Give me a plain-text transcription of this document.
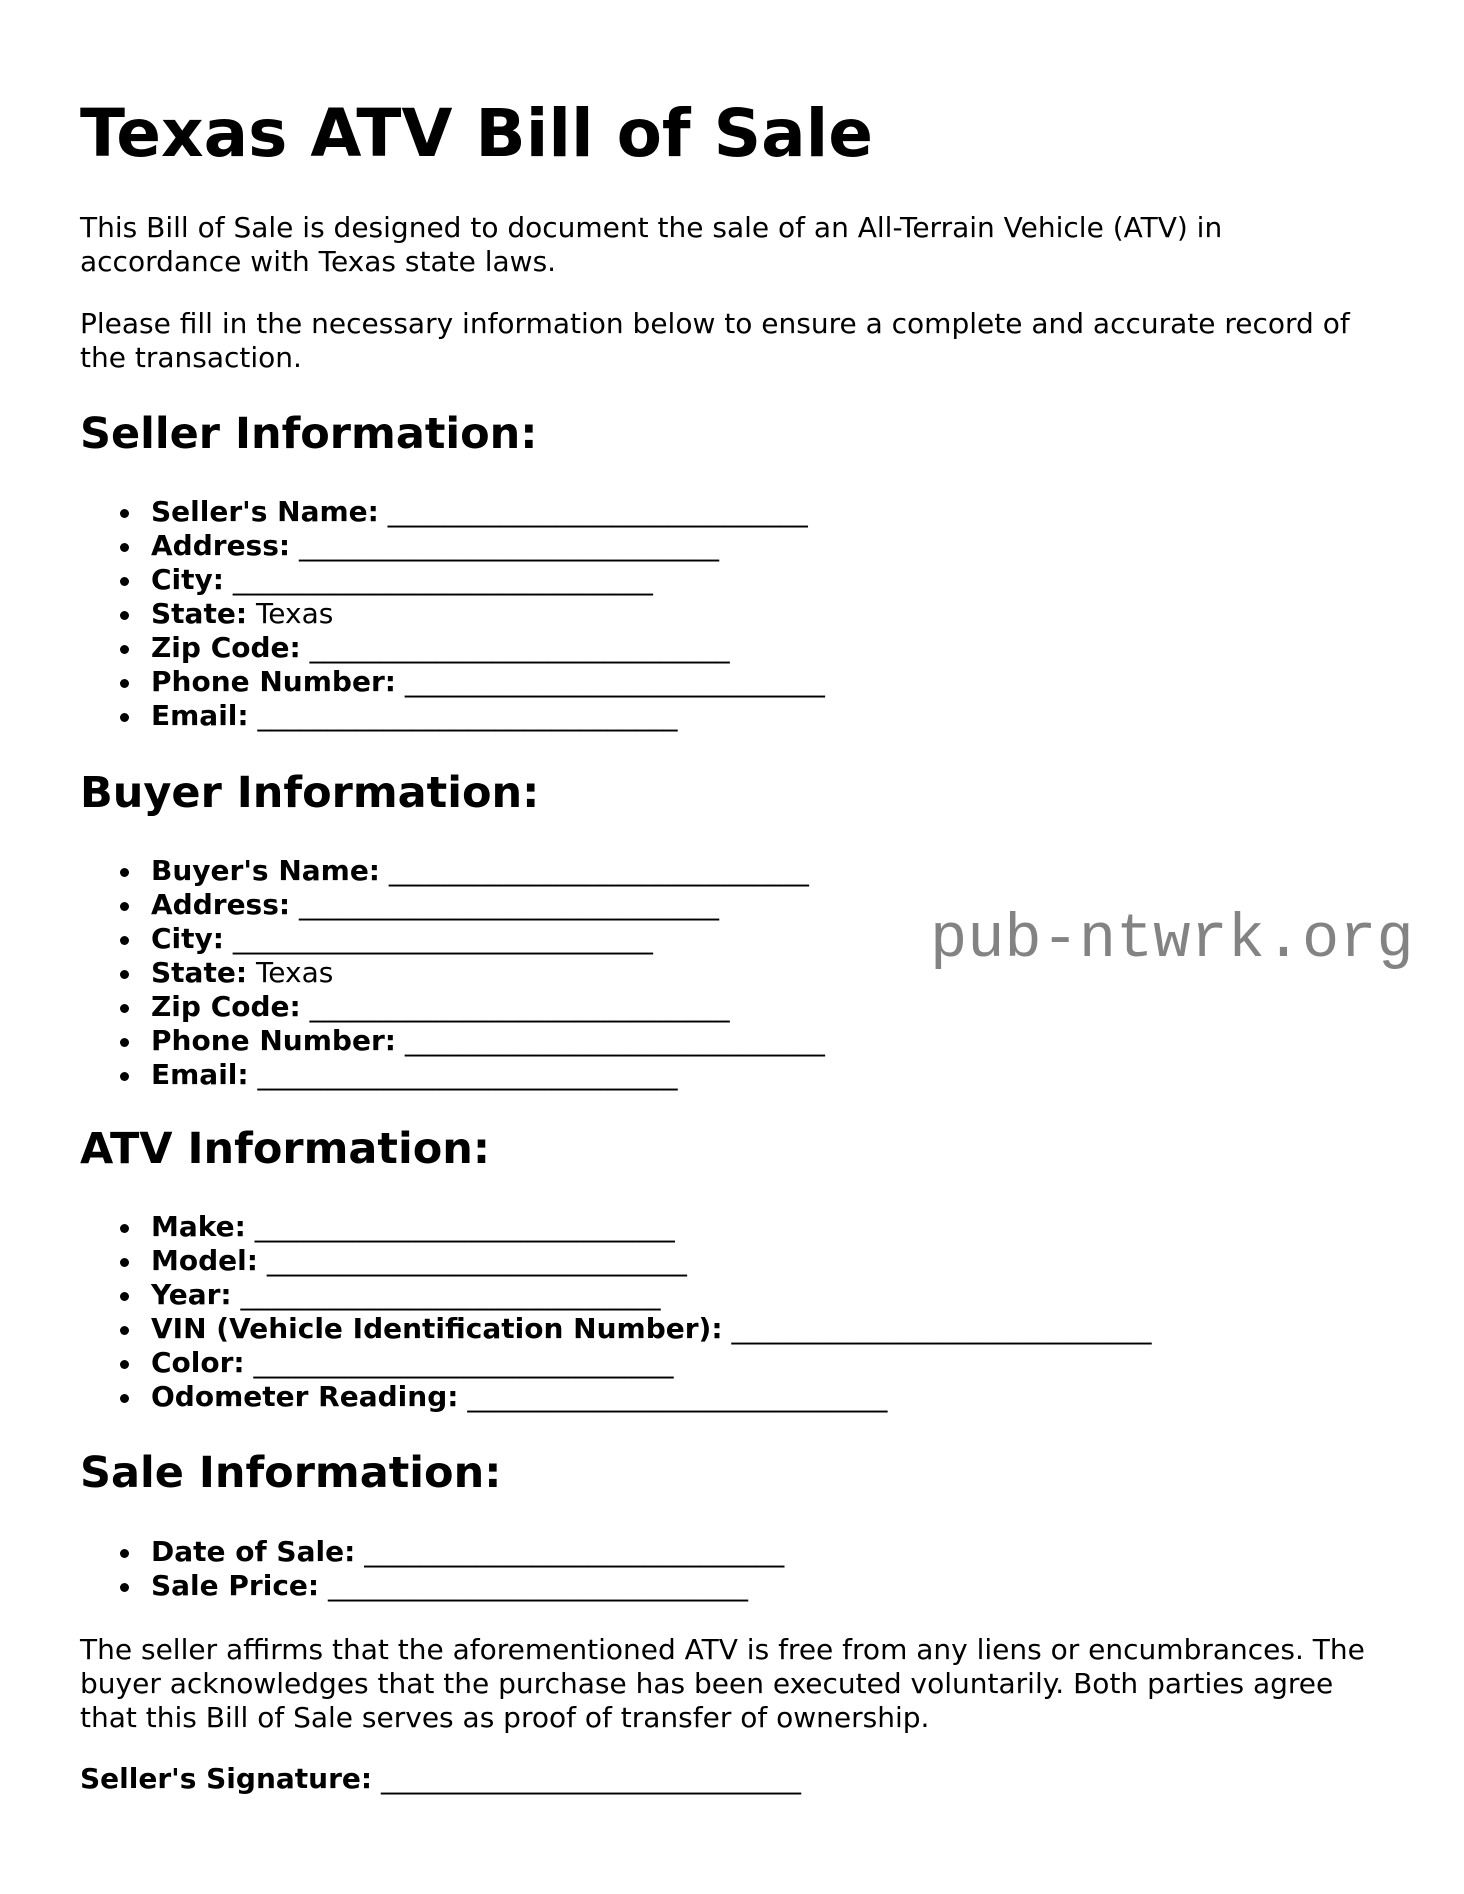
Texas ATV Bill of Sale

This Bill of Sale is designed to document the sale of an All-Terrain Vehicle (ATV) in accordance with Texas state laws.

Please fill in the necessary information below to ensure a complete and accurate record of the transaction.

Seller Information:
Seller's Name: ______________________________
Address: ______________________________
City: ______________________________
State: Texas
Zip Code: ______________________________
Phone Number: ______________________________
Email: ______________________________
Buyer Information:
Buyer's Name: ______________________________
Address: ______________________________
City: ______________________________
State: Texas
Zip Code: ______________________________
Phone Number: ______________________________
Email: ______________________________
ATV Information:
Make: ______________________________
Model: ______________________________
Year: ______________________________
VIN (Vehicle Identification Number): ______________________________
Color: ______________________________
Odometer Reading: ______________________________
Sale Information:
Date of Sale: ______________________________
Sale Price: ______________________________

The seller affirms that the aforementioned ATV is free from any liens or encumbrances. The buyer acknowledges that the purchase has been executed voluntarily. Both parties agree that this Bill of Sale serves as proof of transfer of ownership.

Seller's Signature: ______________________________
pub-ntwrk.org
